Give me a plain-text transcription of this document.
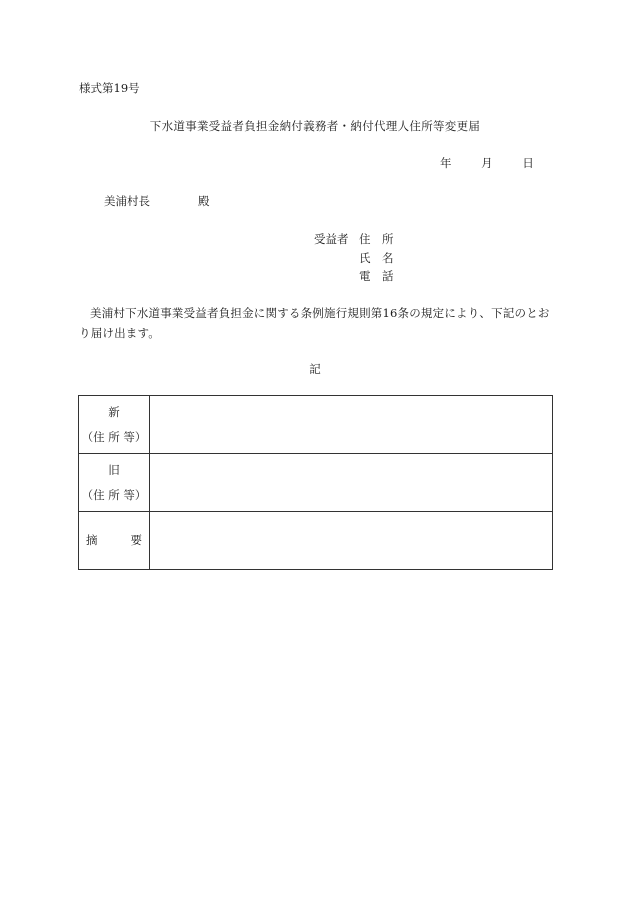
様式第19号
下水道事業受益者負担金納付義務者・納付代理人住所等変更届
年	月	日
美浦村長	殿
受益者 住 所
氏 名
電 話
美浦村下水道事業受益者負担金に関する条例施行規則第16条の規定により、下記のとおり届け出ます。
記
新
（住 所 等）	

旧
（住 所 等）	

摘 要	
